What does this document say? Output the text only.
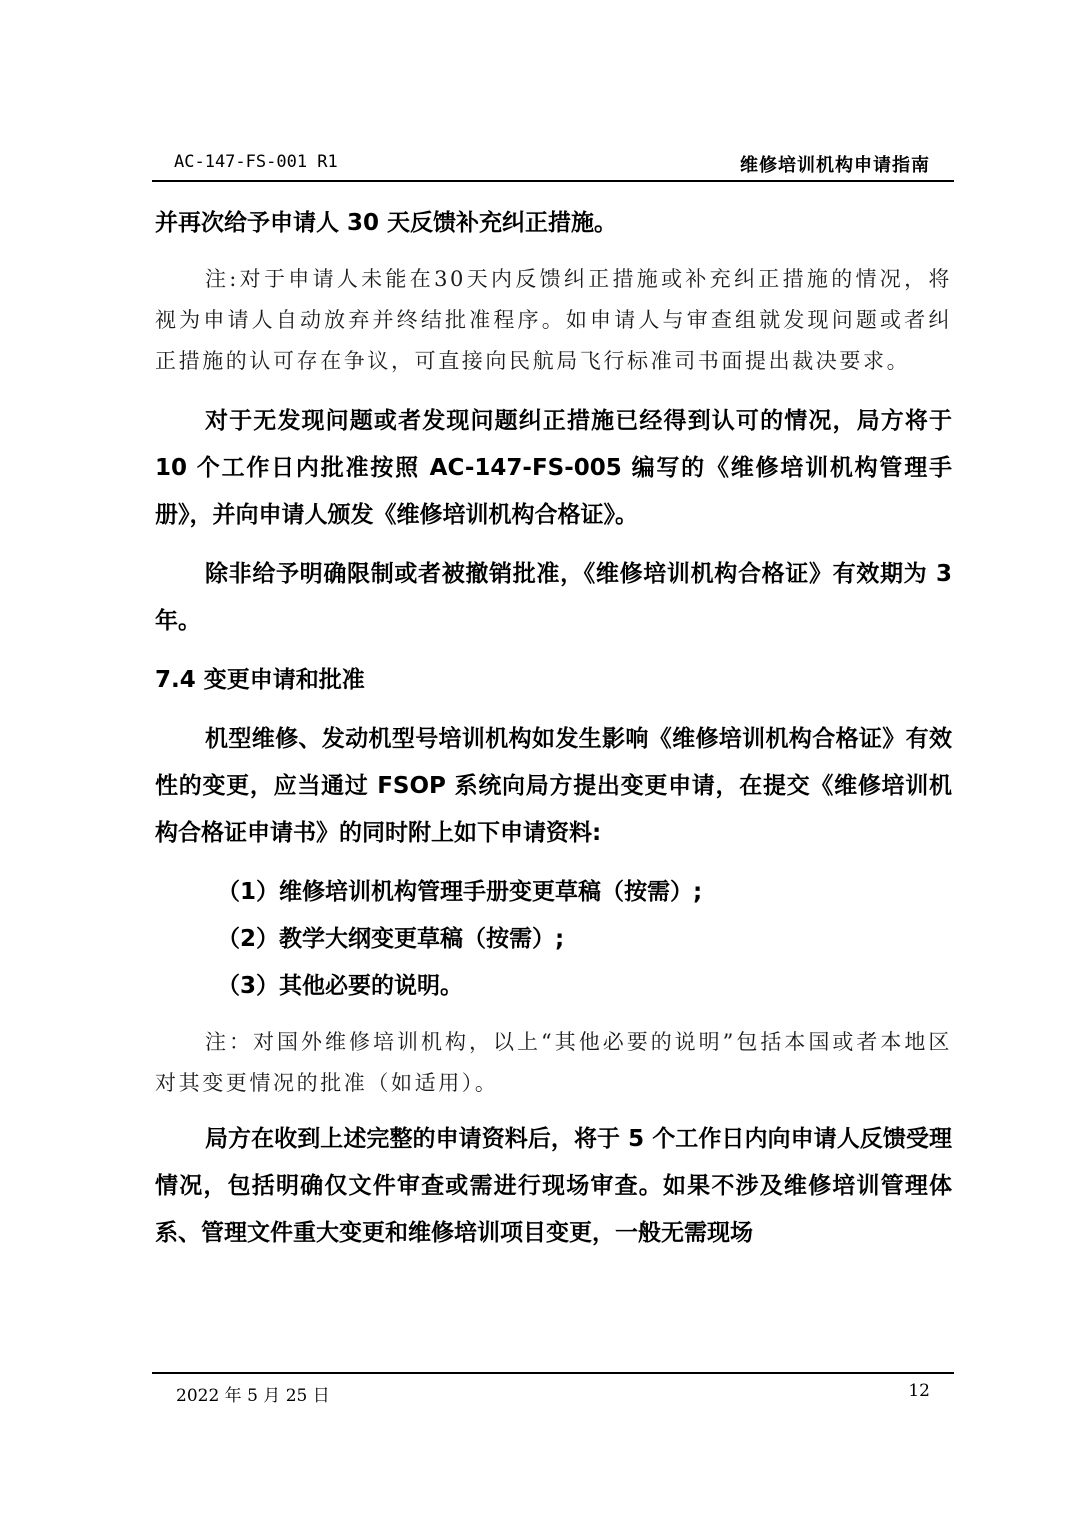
AC-147-FS-001 R1	维修培训机构申请指南

并再次给予申请人 30 天反馈补充纠正措施。

注:对于申请人未能在30天内反馈纠正措施或补充纠正措施的情况，将视为申请人自动放弃并终结批准程序。如申请人与审查组就发现问题或者纠正措施的认可存在争议，可直接向民航局飞行标准司书面提出裁决要求。

对于无发现问题或者发现问题纠正措施已经得到认可的情况，局方将于 10 个工作日内批准按照 AC-147-FS-005 编写的《维修培训机构管理手册》，并向申请人颁发《维修培训机构合格证》。

除非给予明确限制或者被撤销批准，《维修培训机构合格证》有效期为 3 年。

7.4 变更申请和批准

机型维修、发动机型号培训机构如发生影响《维修培训机构合格证》有效性的变更，应当通过 FSOP 系统向局方提出变更申请，在提交《维修培训机构合格证申请书》的同时附上如下申请资料:

（1）维修培训机构管理手册变更草稿（按需）;

（2）教学大纲变更草稿（按需）;

（3）其他必要的说明。

注：对国外维修培训机构，以上“其他必要的说明”包括本国或者本地区对其变更情况的批准（如适用）。

局方在收到上述完整的申请资料后，将于 5 个工作日内向申请人反馈受理情况，包括明确仅文件审查或需进行现场审查。如果不涉及维修培训管理体系、管理文件重大变更和维修培训项目变更，一般无需现场

2022 年 5 月 25 日	12
